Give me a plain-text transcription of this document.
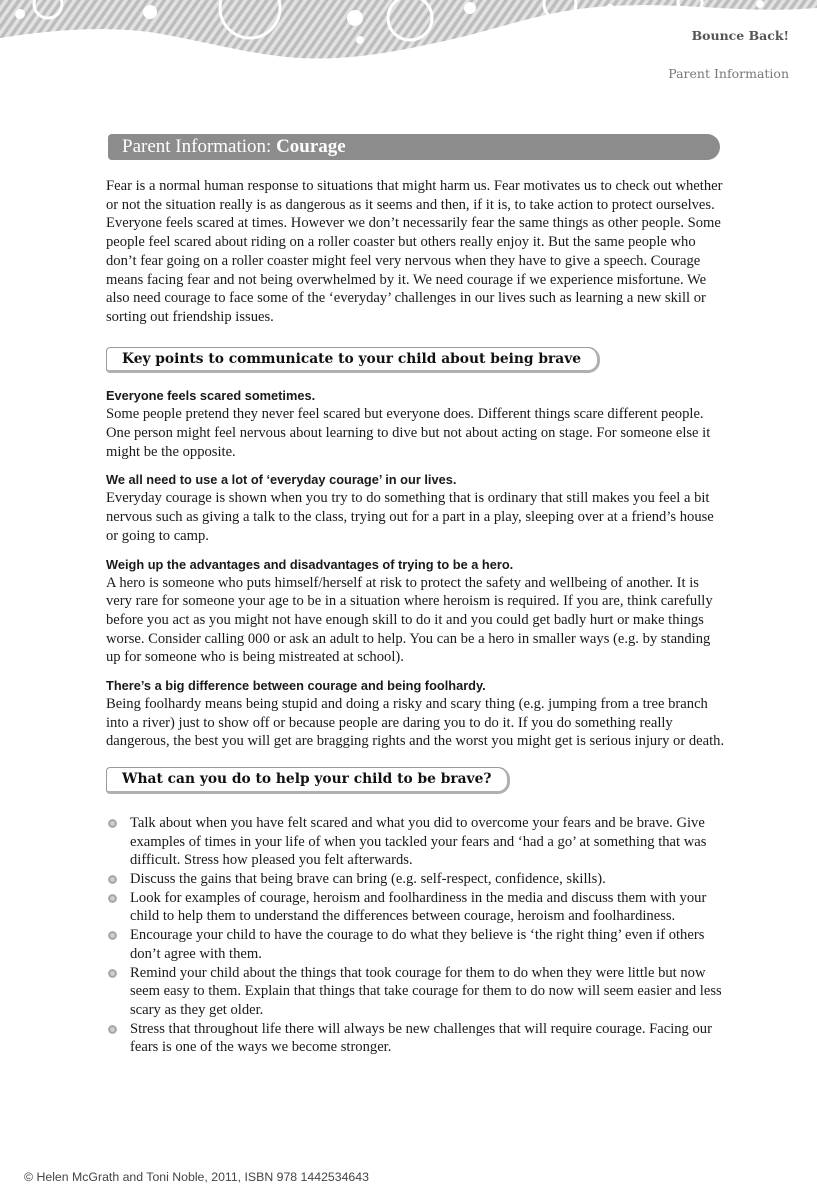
Bounce Back!
Parent Information
Parent Information: Courage

Fear is a normal human response to situations that might harm us. Fear motivates us to check out whether or not the situation really is as dangerous as it seems and then, if it is, to take action to protect ourselves. Everyone feels scared at times. However we don’t necessarily fear the same things as other people. Some people feel scared about riding on a roller coaster but others really enjoy it. But the same people who don’t fear going on a roller coaster might feel very nervous when they have to give a speech. Courage means facing fear and not being overwhelmed by it. We need courage if we experience misfortune. We also need courage to face some of the ‘everyday’ challenges in our lives such as learning a new skill or sorting out friendship issues.

Key points to communicate to your child about being brave

Everyone feels scared sometimes.

Some people pretend they never feel scared but everyone does. Different things scare different people. One person might feel nervous about learning to dive but not about acting on stage. For someone else it might be the opposite.

We all need to use a lot of ‘everyday courage’ in our lives.

Everyday courage is shown when you try to do something that is ordinary that still makes you feel a bit nervous such as giving a talk to the class, trying out for a part in a play, sleeping over at a friend’s house or going to camp.

Weigh up the advantages and disadvantages of trying to be a hero.

A hero is someone who puts himself/herself at risk to protect the safety and wellbeing of another. It is very rare for someone your age to be in a situation where heroism is required. If you are, think carefully before you act as you might not have enough skill to do it and you could get badly hurt or make things worse. Consider calling 000 or ask an adult to help. You can be a hero in smaller ways (e.g. by standing up for someone who is being mistreated at school).

There’s a big difference between courage and being foolhardy.

Being foolhardy means being stupid and doing a risky and scary thing (e.g. jumping from a tree branch into a river) just to show off or because people are daring you to do it. If you do something really dangerous, the best you will get are bragging rights and the worst you might get is serious injury or death.

What can you do to help your child to be brave?
Talk about when you have felt scared and what you did to overcome your fears and be brave. Give examples of times in your life of when you tackled your fears and ‘had a go’ at something that was difficult. Stress how pleased you felt afterwards.
Discuss the gains that being brave can bring (e.g. self-respect, confidence, skills).
Look for examples of courage, heroism and foolhardiness in the media and discuss them with your child to help them to understand the differences between courage, heroism and foolhardiness.
Encourage your child to have the courage to do what they believe is ‘the right thing’ even if others don’t agree with them.
Remind your child about the things that took courage for them to do when they were little but now seem easy to them. Explain that things that take courage for them to do now will seem easier and less scary as they get older.
Stress that throughout life there will always be new challenges that will require courage. Facing our fears is one of the ways we become stronger.
© Helen McGrath and Toni Noble, 2011, ISBN 978 1442534643
